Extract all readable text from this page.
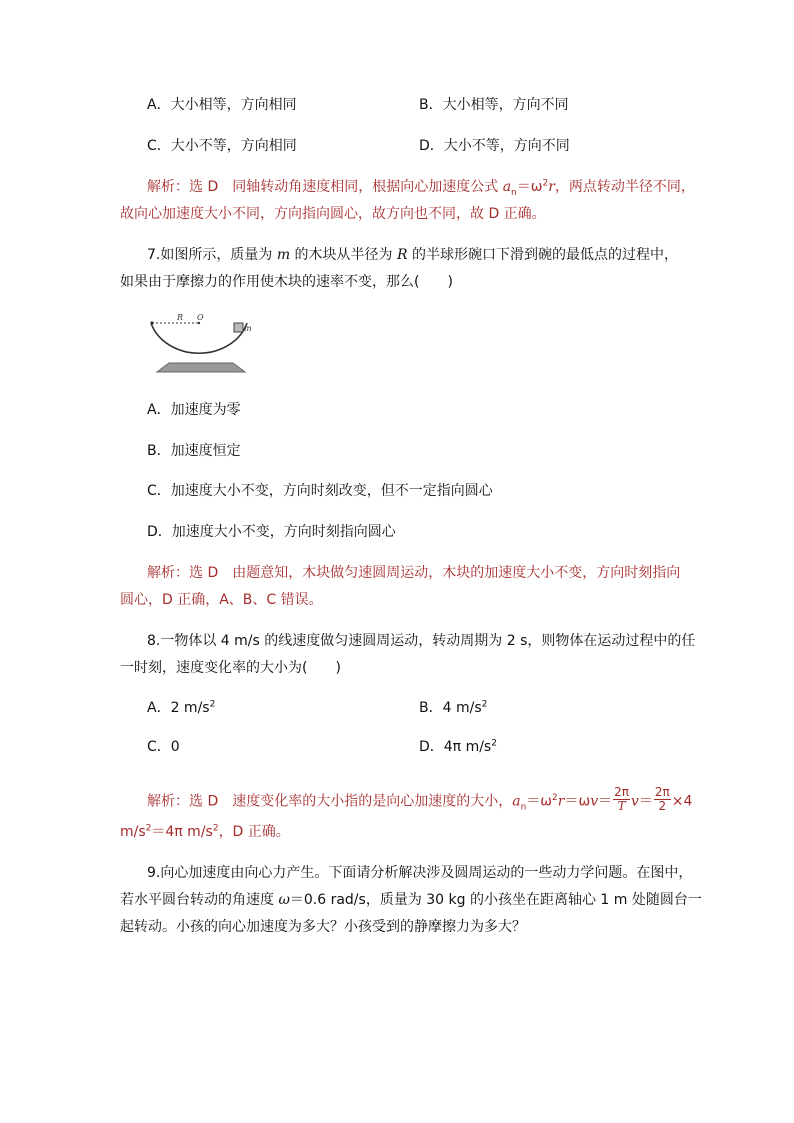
A．大小相等，方向相同	B．大小相等，方向不同
C．大小不等，方向相同	D．大小不等，方向不同
解析：选 D　同轴转动角速度相同，根据向心加速度公式 $a_n=\omega^2r$，两点转动半径不同，
故向心加速度大小不同，方向指向圆心，故方向也不同，故 D 正确。
7.如图所示，质量为 m 的木块从半径为 R 的半球形碗口下滑到碗的最低点的过程中，
如果由于摩擦力的作用使木块的速率不变，那么(　　)
R O
m
A．加速度为零
B．加速度恒定
C．加速度大小不变，方向时刻改变，但不一定指向圆心
D．加速度大小不变，方向时刻指向圆心
解析：选 D　由题意知，木块做匀速圆周运动，木块的加速度大小不变，方向时刻指向
圆心，D 正确，A、B、C 错误。
8.一物体以 4 m/s 的线速度做匀速圆周运动，转动周期为 2 s，则物体在运动过程中的任
一时刻，速度变化率的大小为(　　)
A．2 $m/s^2$	B．4 $m/s^2$
C．0	D．4π $m/s^2$
解析：选 D　速度变化率的大小指的是向心加速度的大小，$a_n=\omega^2r=\omega v= \frac{2\pi}{T} v= \frac{2\pi}{2} \times 4$
$m/s^2=4\pi$ $m/s^2$，D 正确。
9.向心加速度由向心力产生。下面请分析解决涉及圆周运动的一些动力学问题。在图中，
若水平圆台转动的角速度 ω＝0.6 rad/s，质量为 30 kg 的小孩坐在距离轴心 1 m 处随圆台一
起转动。小孩的向心加速度为多大？小孩受到的静摩擦力为多大？
